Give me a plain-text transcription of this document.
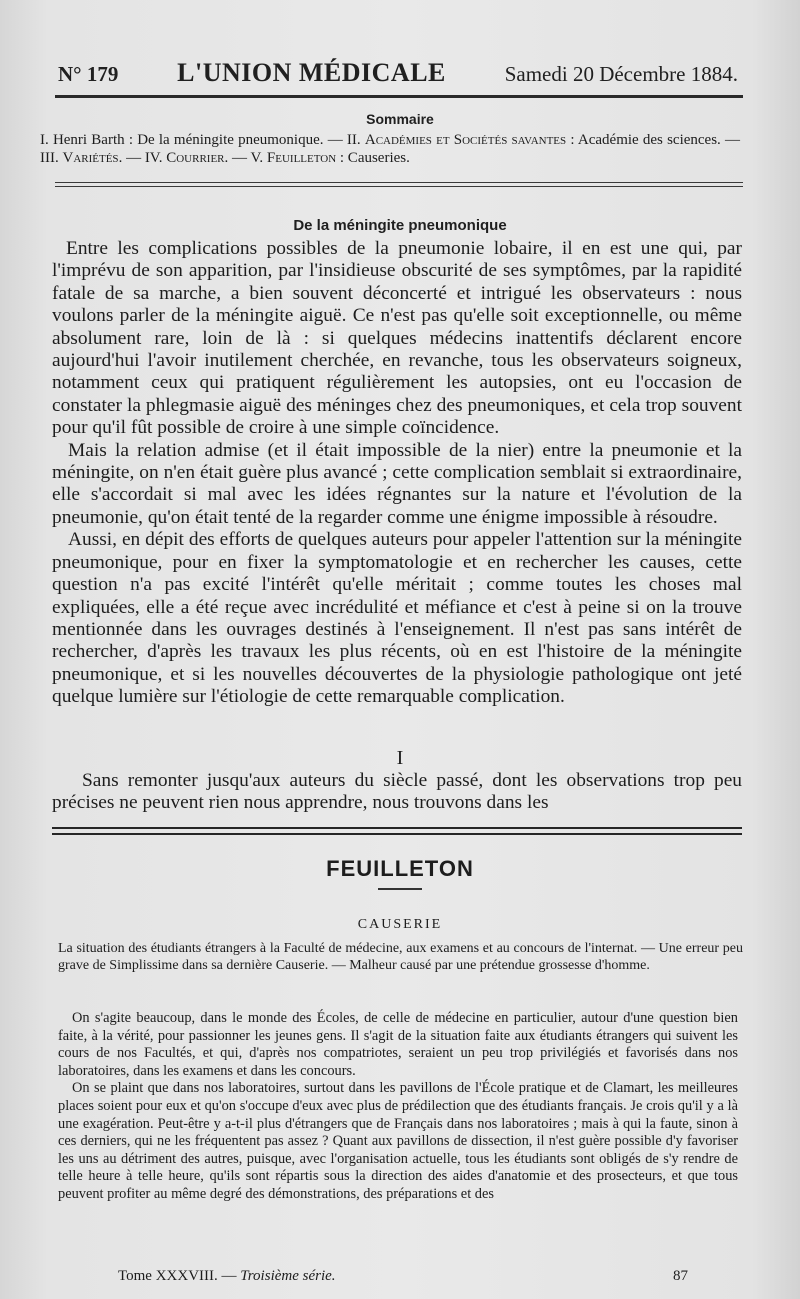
N° 179 L'UNION MÉDICALE	Samedi 20 Décembre 1884.
Sommaire
I. Henri Barth : De la méningite pneumonique. — II. Académies et Sociétés savantes : Académie des sciences. — III. Variétés. — IV. Courrier. — V. Feuilleton : Causeries.
De la méningite pneumonique

Entre les complications possibles de la pneumonie lobaire, il en est une qui, par l'imprévu de son apparition, par l'insidieuse obscurité de ses symptômes, par la rapidité fatale de sa marche, a bien souvent déconcerté et intrigué les observateurs : nous voulons parler de la méningite aiguë. Ce n'est pas qu'elle soit exceptionnelle, ou même absolument rare, loin de là : si quelques médecins inattentifs déclarent encore aujourd'hui l'avoir inutilement cherchée, en revanche, tous les observateurs soigneux, notamment ceux qui pratiquent régulièrement les autopsies, ont eu l'occasion de constater la phlegmasie aiguë des méninges chez des pneumoniques, et cela trop souvent pour qu'il fût possible de croire à une simple coïncidence.

Mais la relation admise (et il était impossible de la nier) entre la pneumonie et la méningite, on n'en était guère plus avancé ; cette complication semblait si extraordinaire, elle s'accordait si mal avec les idées régnantes sur la nature et l'évolution de la pneumonie, qu'on était tenté de la regarder comme une énigme impossible à résoudre.

Aussi, en dépit des efforts de quelques auteurs pour appeler l'attention sur la méningite pneumonique, pour en fixer la symptomatologie et en rechercher les causes, cette question n'a pas excité l'intérêt qu'elle méritait ; comme toutes les choses mal expliquées, elle a été reçue avec incrédulité et méfiance et c'est à peine si on la trouve mentionnée dans les ouvrages destinés à l'enseignement. Il n'est pas sans intérêt de rechercher, d'après les travaux les plus récents, où en est l'histoire de la méningite pneumonique, et si les nouvelles découvertes de la physiologie pathologique ont jeté quelque lumière sur l'étiologie de cette remarquable complication.

I

Sans remonter jusqu'aux auteurs du siècle passé, dont les observations trop peu précises ne peuvent rien nous apprendre, nous trouvons dans les

FEUILLETON
CAUSERIE
La situation des étudiants étrangers à la Faculté de médecine, aux examens et au concours de l'internat. — Une erreur peu grave de Simplissime dans sa dernière Causerie. — Malheur causé par une prétendue grossesse d'homme.

On s'agite beaucoup, dans le monde des Écoles, de celle de médecine en particulier, autour d'une question bien faite, à la vérité, pour passionner les jeunes gens. Il s'agit de la situation faite aux étudiants étrangers qui suivent les cours de nos Facultés, et qui, d'après nos compatriotes, seraient un peu trop privilégiés et favorisés dans nos laboratoires, dans les examens et dans les concours.

On se plaint que dans nos laboratoires, surtout dans les pavillons de l'École pratique et de Clamart, les meilleures places soient pour eux et qu'on s'occupe d'eux avec plus de prédilection que des étudiants français. Je crois qu'il y a là une exagération. Peut-être y a-t-il plus d'étrangers que de Français dans nos laboratoires ; mais à qui la faute, sinon à ces derniers, qui ne les fréquentent pas assez ? Quant aux pavillons de dissection, il n'est guère possible d'y favoriser les uns au détriment des autres, puisque, avec l'organisation actuelle, tous les étudiants sont obligés de s'y rendre de telle heure à telle heure, qu'ils sont répartis sous la direction des aides d'anatomie et des prosecteurs, et que tous peuvent profiter au même degré des démonstrations, des préparations et des

Tome XXXVIII. — Troisième série.	87
